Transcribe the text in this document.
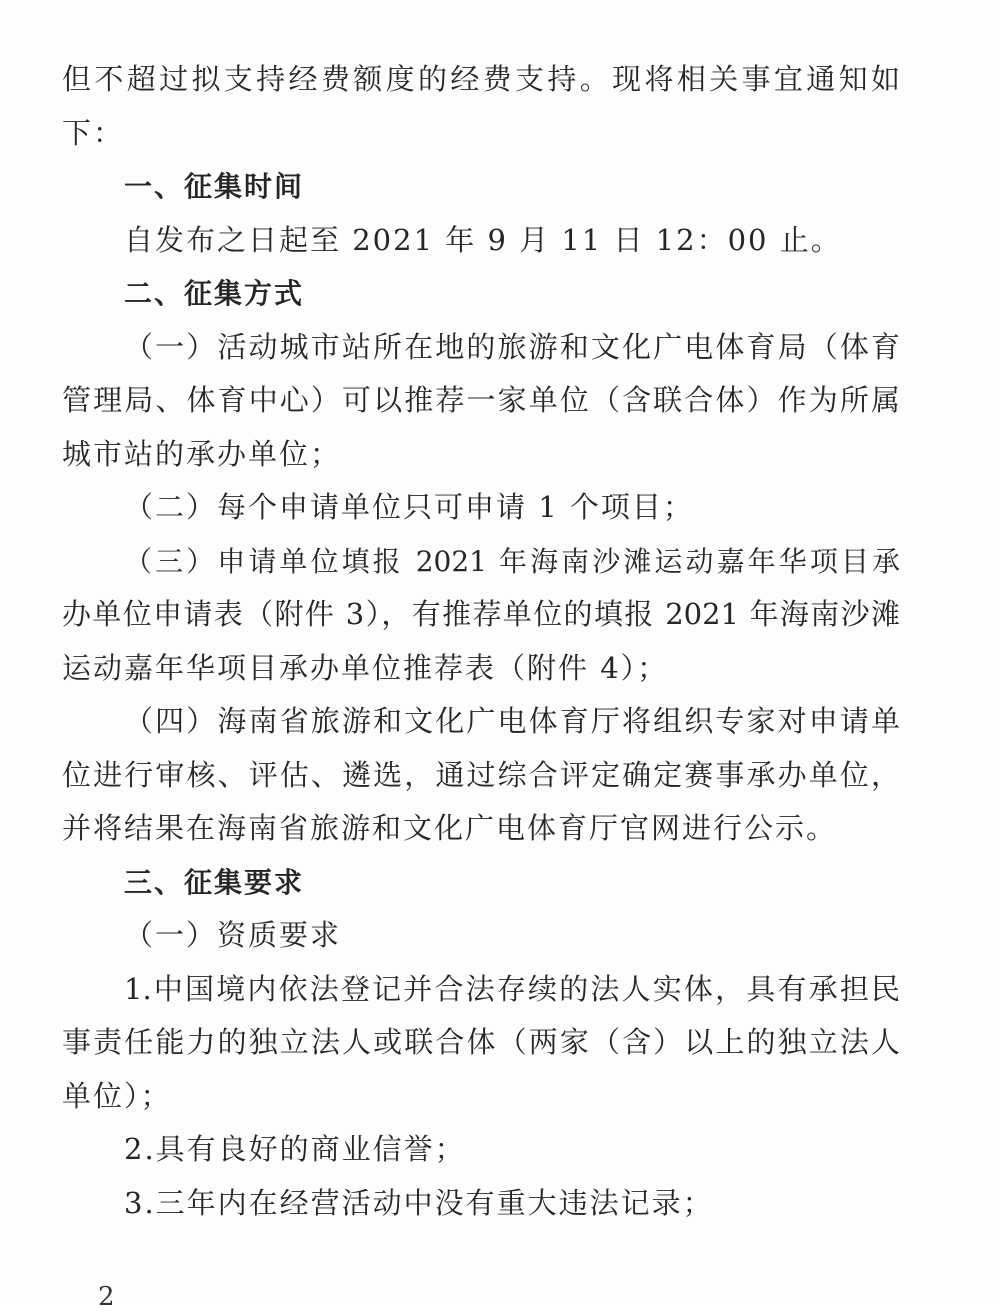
但不超过拟支持经费额度的经费支持。现将相关事宜通知如
下：
一、征集时间
自发布之日起至 2021 年 9 月 11 日 12：00 止。
二、征集方式
（一）活动城市站所在地的旅游和文化广电体育局（体育
管理局、体育中心）可以推荐一家单位（含联合体）作为所属
城市站的承办单位；
（二）每个申请单位只可申请 1 个项目；
（三）申请单位填报 2021 年海南沙滩运动嘉年华项目承
办单位申请表（附件 3），有推荐单位的填报 2021 年海南沙滩
运动嘉年华项目承办单位推荐表（附件 4）；
（四）海南省旅游和文化广电体育厅将组织专家对申请单
位进行审核、评估、遴选，通过综合评定确定赛事承办单位，
并将结果在海南省旅游和文化广电体育厅官网进行公示。
三、征集要求
（一）资质要求
1.中国境内依法登记并合法存续的法人实体，具有承担民
事责任能力的独立法人或联合体（两家（含）以上的独立法人
单位）；
2.具有良好的商业信誉；
3.三年内在经营活动中没有重大违法记录；
2
